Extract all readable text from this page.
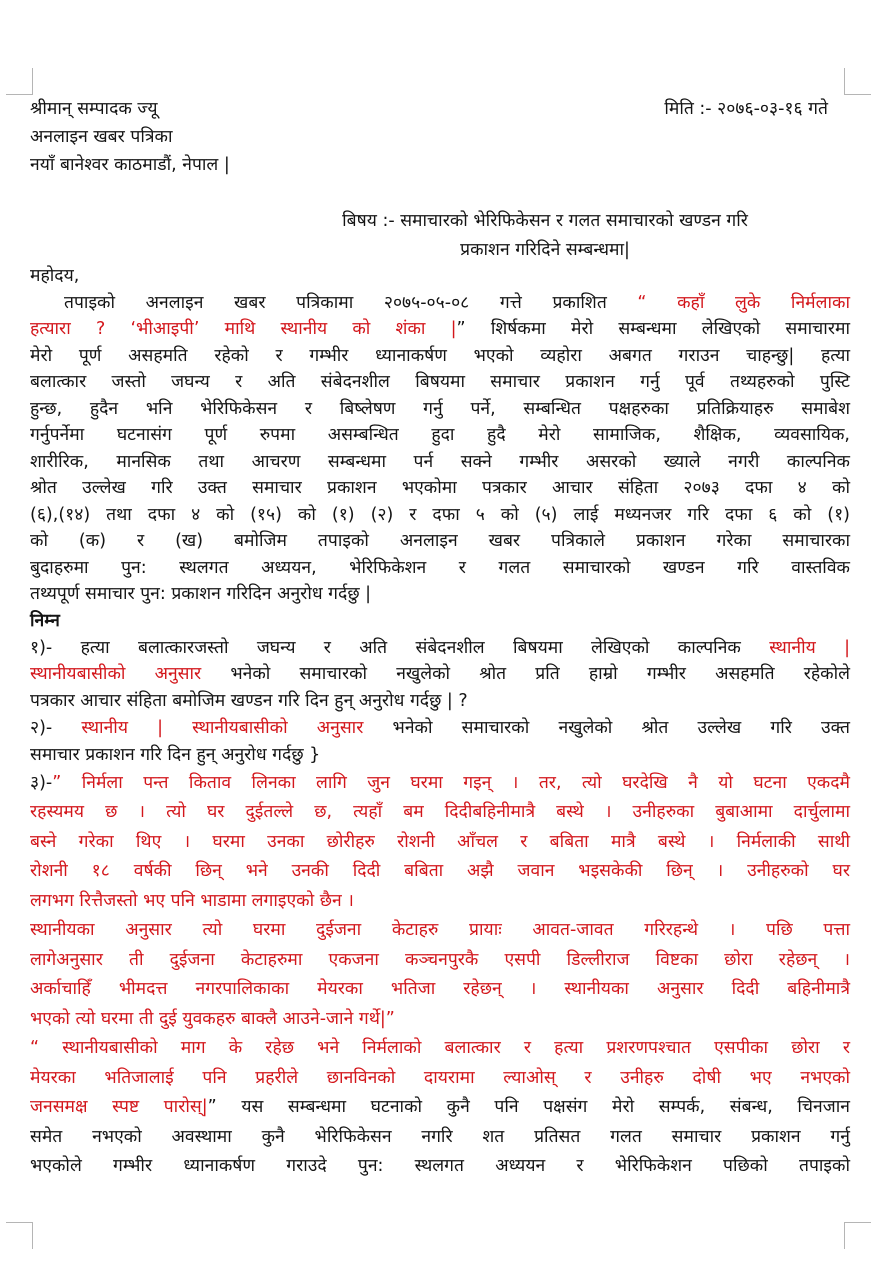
श्रीमान् सम्पादक ज्यू
अनलाइन खबर पत्रिका
नयाँ बानेश्वर काठमाडौं, नेपाल |
मिति :- २०७६-०३-१६ गते
बिषय :- समाचारको भेरिफिकेसन र गलत समाचारको खण्डन गरि
प्रकाशन गरिदिने सम्बन्धमा|
महोदय,
तपाइको अनलाइन खबर पत्रिकामा २०७५-०५-०८ गत्ते प्रकाशित “ कहाँ लुके निर्मलाका
हत्यारा ? ‘भीआइपी’ माथि स्थानीय को शंका |” शिर्षकमा मेरो सम्बन्धमा लेखिएको समाचारमा
मेरो पूर्ण असहमति रहेको र गम्भीर ध्यानाकर्षण भएको व्यहोरा अबगत गराउन चाहन्छु| हत्या
बलात्कार जस्तो जघन्य र अति संबेदनशील बिषयमा समाचार प्रकाशन गर्नु पूर्व तथ्यहरुको पुस्टि
हुन्छ, हुदैन भनि भेरिफिकेसन र बिष्लेषण गर्नु पर्ने, सम्बन्धित पक्षहरुका प्रतिक्रियाहरु समाबेश
गर्नुपर्नेमा घटनासंग पूर्ण रुपमा असम्बन्धित हुदा हुदै मेरो सामाजिक, शैक्षिक, व्यवसायिक,
शारीरिक, मानसिक तथा आचरण सम्बन्धमा पर्न सक्ने गम्भीर असरको ख्याले नगरी काल्पनिक
श्रोत उल्लेख गरि उक्त समाचार प्रकाशन भएकोमा पत्रकार आचार संहिता २०७३ दफा ४ को
(६),(१४) तथा दफा ४ को (१५) को (१) (२) र दफा ५ को (५) लाई मध्यनजर गरि दफा ६ को (१)
को (क) र (ख) बमोजिम तपाइको अनलाइन खबर पत्रिकाले प्रकाशन गरेका समाचारका
बुदाहरुमा पुन: स्थलगत अध्ययन, भेरिफिकेशन र गलत समाचारको खण्डन गरि वास्तविक
तथ्यपूर्ण समाचार पुन: प्रकाशन गरिदिन अनुरोध गर्दछु |
निम्न
१)- हत्या बलात्कारजस्तो जघन्य र अति संबेदनशील बिषयमा लेखिएको काल्पनिक स्थानीय |
स्थानीयबासीको अनुसार भनेको समाचारको नखुलेको श्रोत प्रति हाम्रो गम्भीर असहमति रहेकोले
पत्रकार आचार संहिता बमोजिम खण्डन गरि दिन हुन् अनुरोध गर्दछु | ?
२)- स्थानीय | स्थानीयबासीको अनुसार भनेको समाचारको नखुलेको श्रोत उल्लेख गरि उक्त
समाचार प्रकाशन गरि दिन हुन् अनुरोध गर्दछु }
३)-” निर्मला पन्त किताव लिनका लागि जुन घरमा गइन् । तर, त्यो घरदेखि नै यो घटना एकदमै
रहस्यमय छ । त्यो घर दुईतल्ले छ, त्यहाँ बम दिदीबहिनीमात्रै बस्थे । उनीहरुका बुबाआमा दार्चुलामा
बस्ने गरेका थिए । घरमा उनका छोरीहरु रोशनी आँचल र बबिता मात्रै बस्थे । निर्मलाकी साथी
रोशनी १८ वर्षकी छिन् भने उनकी दिदी बबिता अझै जवान भइसकेकी छिन् । उनीहरुको घर
लगभग रित्तैजस्तो भए पनि भाडामा लगाइएको छैन ।
स्थानीयका अनुसार त्यो घरमा दुईजना केटाहरु प्रायाः आवत-जावत गरिरहन्थे । पछि पत्ता
लागेअनुसार ती दुईजना केटाहरुमा एकजना कञ्चनपुरकै एसपी डिल्लीराज विष्टका छोरा रहेछन् ।
अर्काचाहिँ भीमदत्त नगरपालिकाका मेयरका भतिजा रहेछन् । स्थानीयका अनुसार दिदी बहिनीमात्रै
भएको त्यो घरमा ती दुई युवकहरु बाक्लै आउने-जाने गर्थे|”
“ स्थानीयबासीको माग के रहेछ भने निर्मलाको बलात्कार र हत्या प्रशरणपश्चात एसपीका छोरा र
मेयरका भतिजालाई पनि प्रहरीले छानविनको दायरामा ल्याओस् र उनीहरु दोषी भए नभएको
जनसमक्ष स्पष्ट पारोस्|” यस सम्बन्धमा घटनाको कुनै पनि पक्षसंग मेरो सम्पर्क, संबन्ध, चिनजान
समेत नभएको अवस्थामा कुनै भेरिफिकेसन नगरि शत प्रतिसत गलत समाचार प्रकाशन गर्नु
भएकोले गम्भीर ध्यानाकर्षण गराउदे पुन: स्थलगत अध्ययन र भेरिफिकेशन पछिको तपाइको
